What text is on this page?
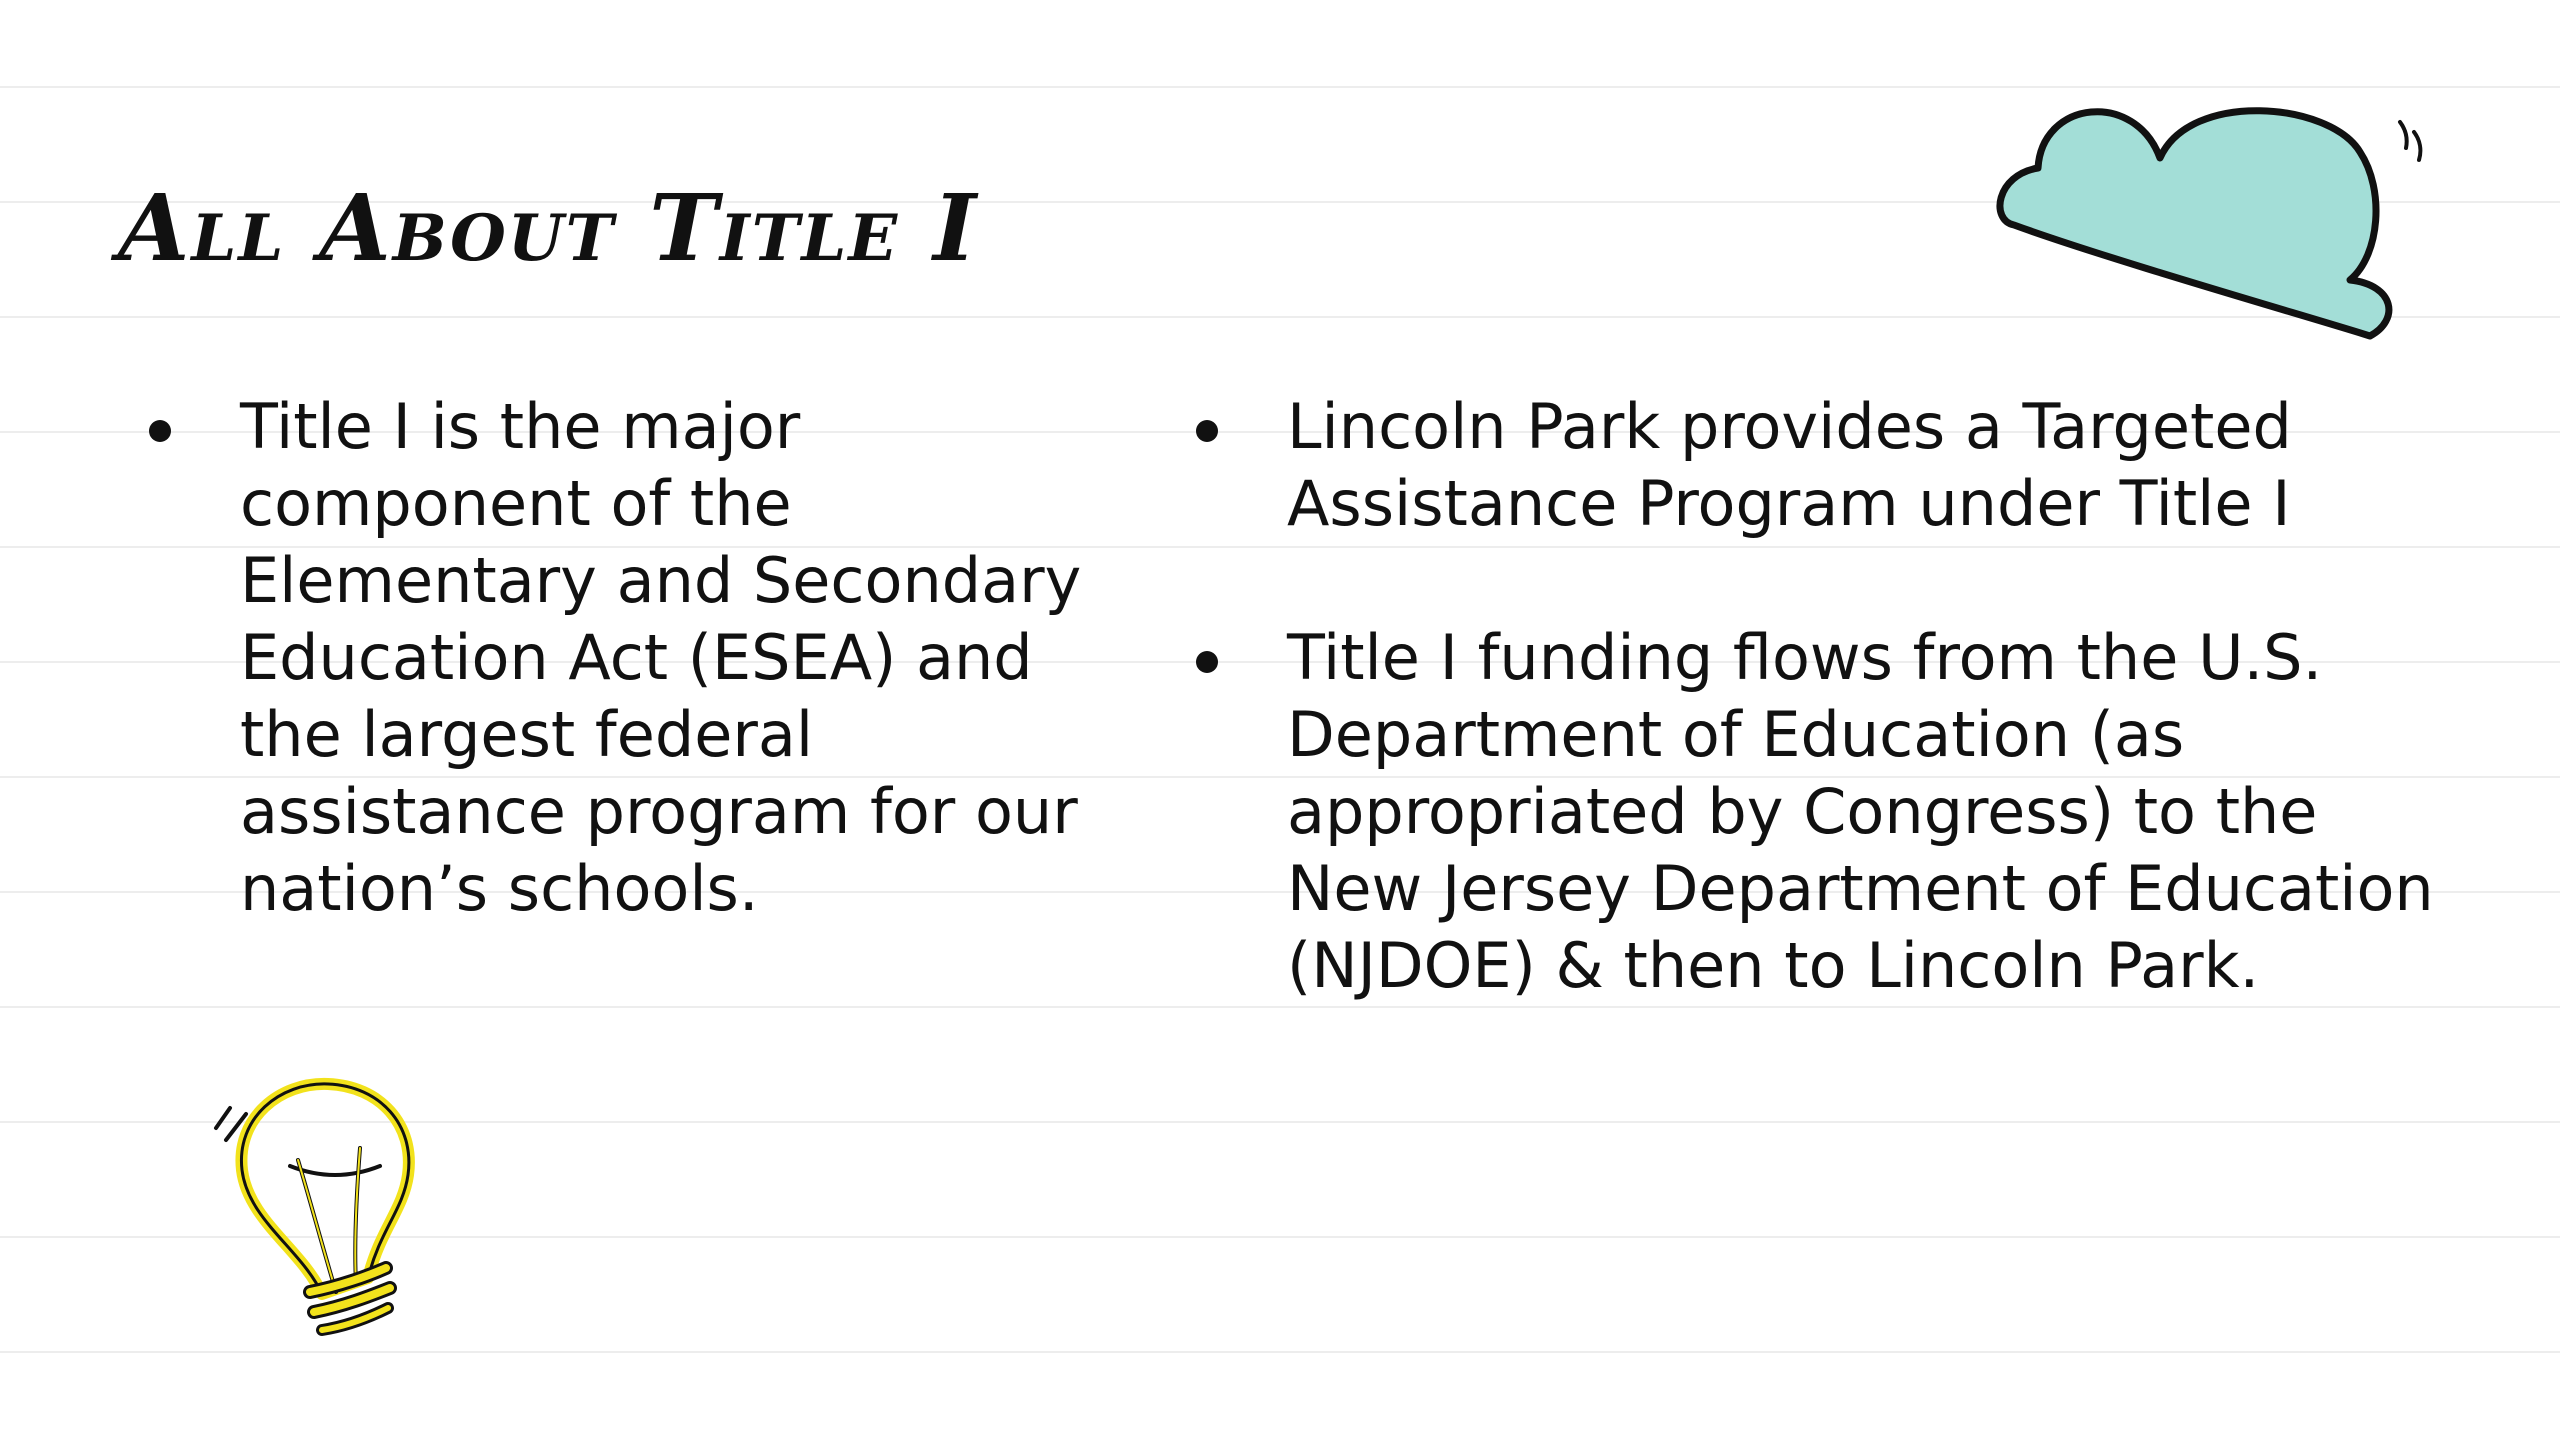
All About Title I
Title I is the major component of the Elementary and Secondary Education Act (ESEA) and the largest federal assistance program for our nation’s schools.
Lincoln Park provides a Targeted Assistance Program under Title I
Title I funding flows from the U.S. Department of Education (as appropriated by Congress) to the New Jersey Department of Education (NJDOE) & then to Lincoln Park.
